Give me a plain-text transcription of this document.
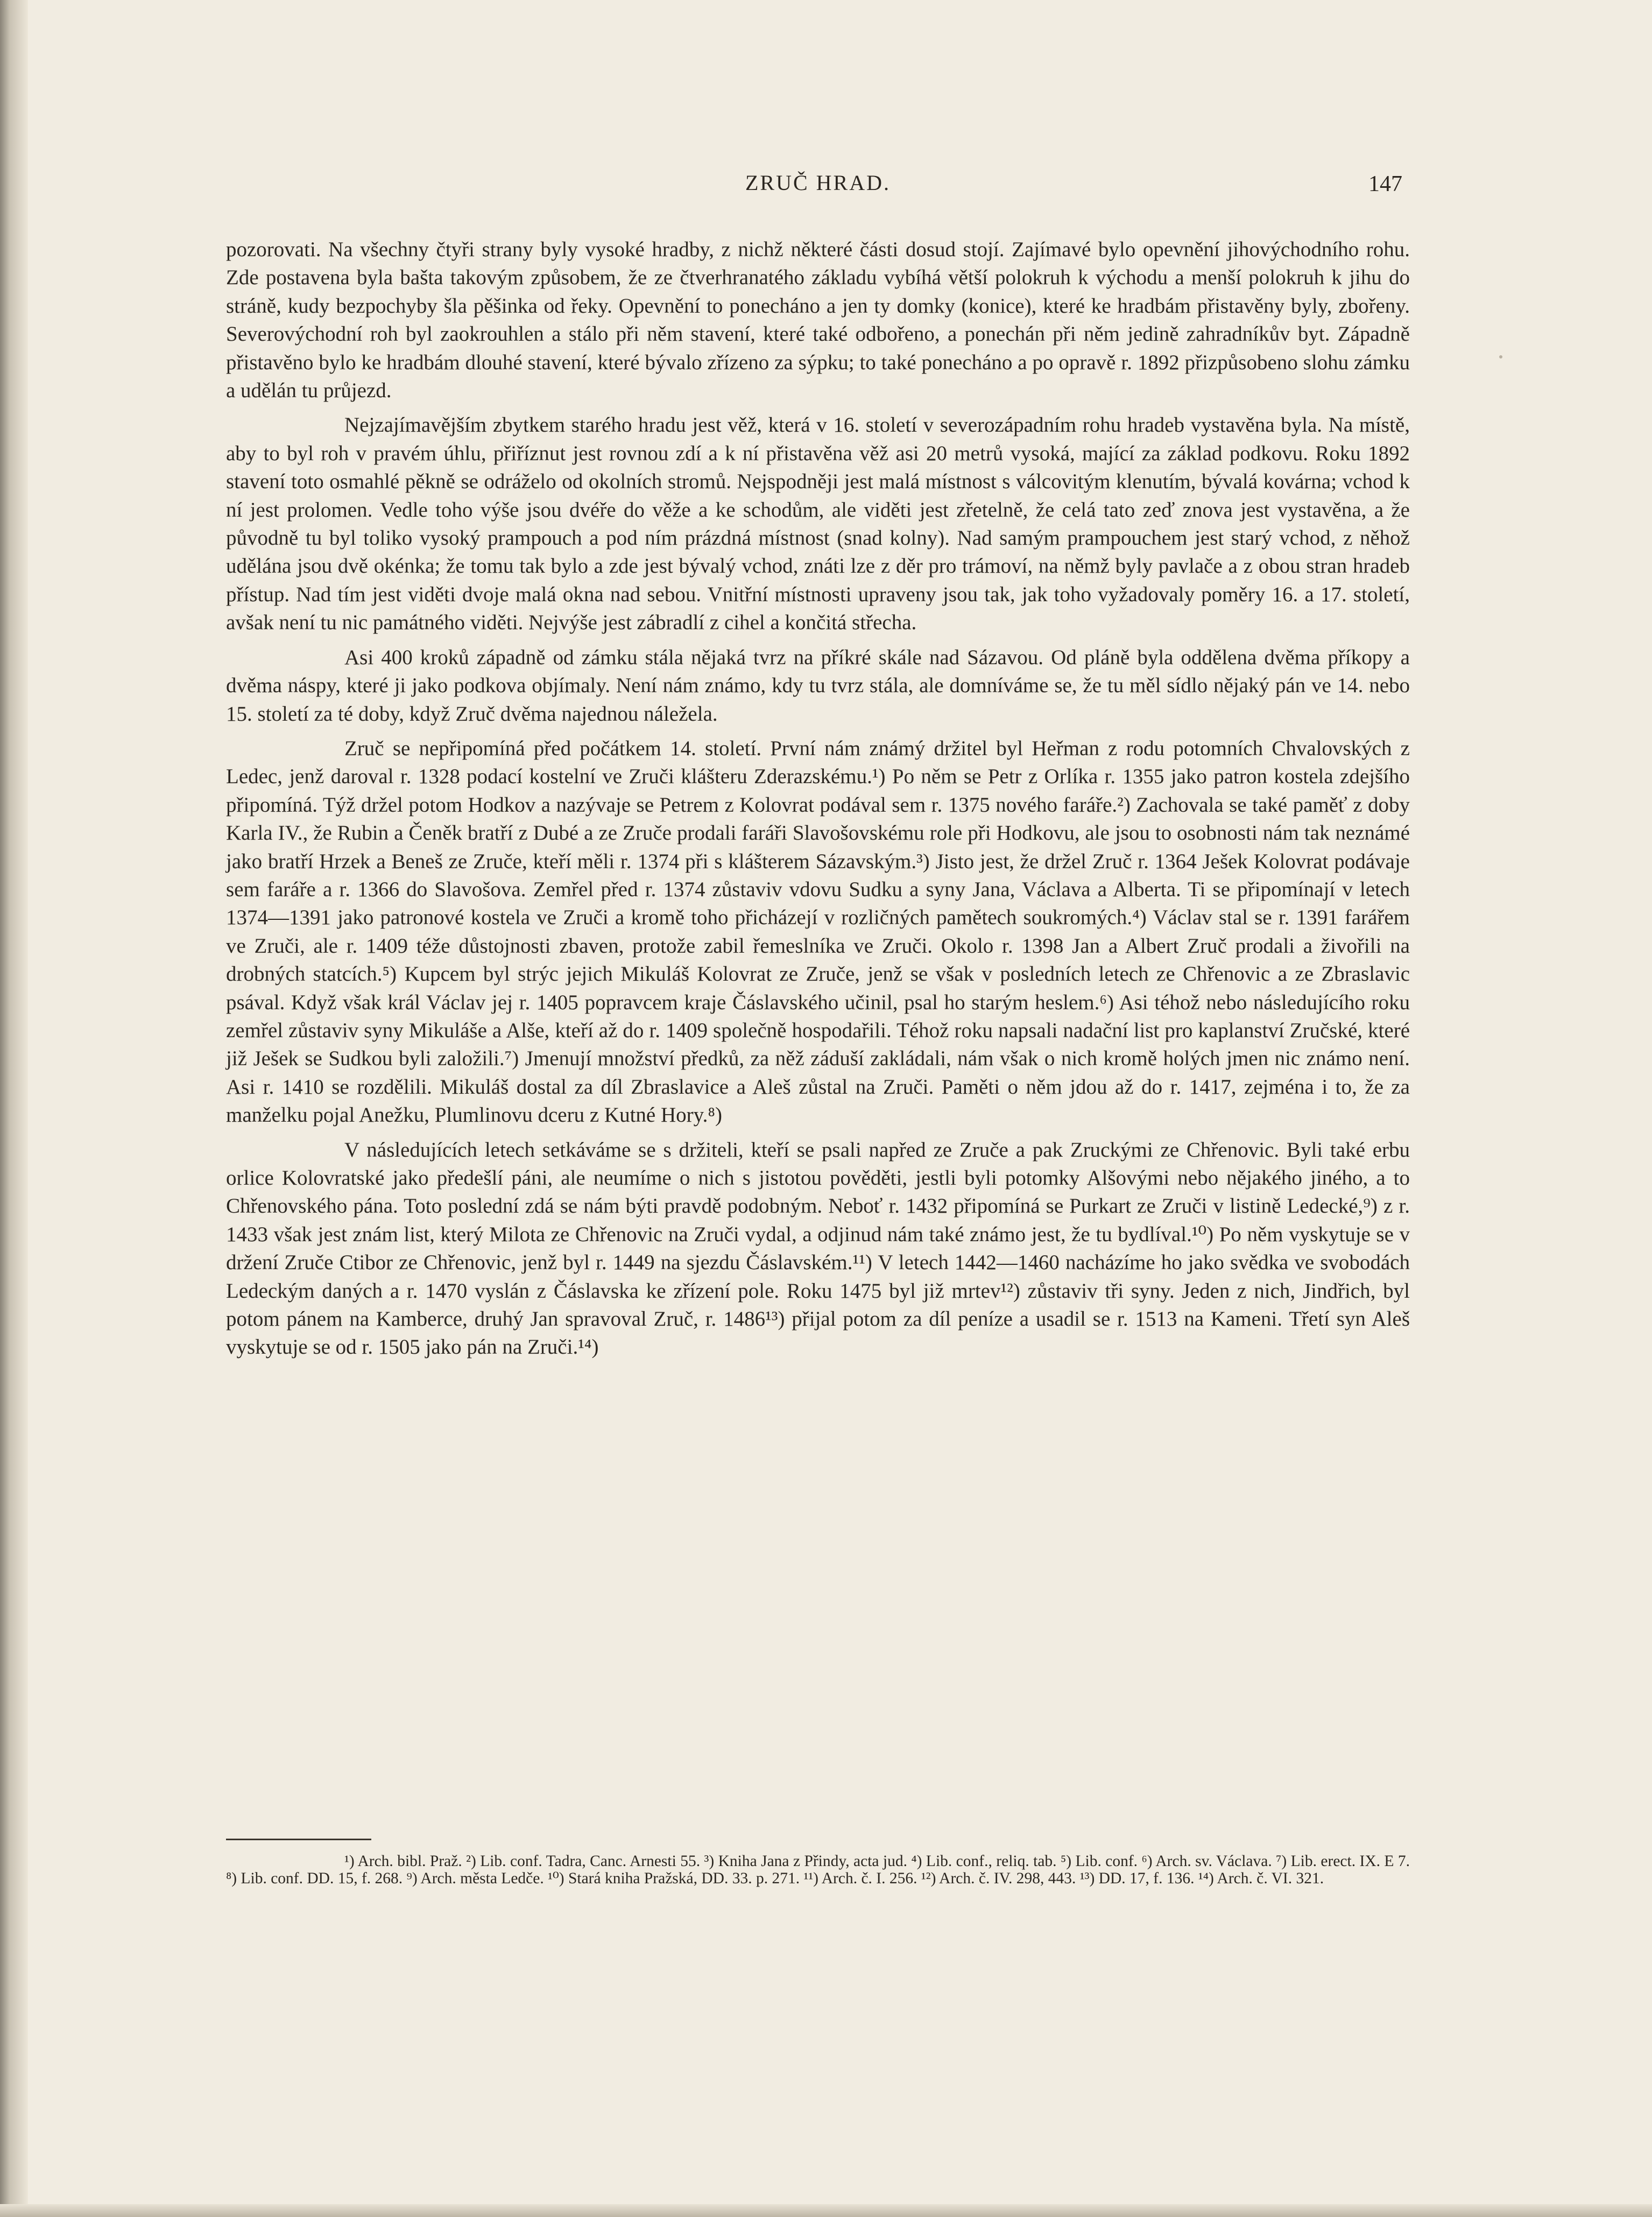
ZRUČ HRAD.	147

pozorovati. Na všechny čtyři strany byly vysoké hradby, z nichž některé části dosud stojí. Zajímavé bylo opevnění jihovýchodního rohu. Zde postavena byla bašta takovým způsobem, že ze čtverhranatého základu vybíhá větší polokruh k východu a menší polokruh k jihu do stráně, kudy bezpochyby šla pěšinka od řeky. Opevnění to ponecháno a jen ty domky (konice), které ke hradbám přistavěny byly, zbořeny. Severovýchodní roh byl zaokrouhlen a stálo při něm stavení, které také odbořeno, a ponechán při něm jedině zahradníkův byt. Západně přistavěno bylo ke hradbám dlouhé stavení, které bývalo zřízeno za sýpku; to také ponecháno a po opravě r. 1892 přizpůsobeno slohu zámku a udělán tu průjezd.

Nejzajímavějším zbytkem starého hradu jest věž, která v 16. století v severozápadním rohu hradeb vystavěna byla. Na místě, aby to byl roh v pravém úhlu, přiříznut jest rovnou zdí a k ní přistavěna věž asi 20 metrů vysoká, mající za základ podkovu. Roku 1892 stavení toto osmahlé pěkně se odráželo od okolních stromů. Nejspodněji jest malá místnost s válcovitým klenutím, bývalá kovárna; vchod k ní jest prolomen. Vedle toho výše jsou dvéře do věže a ke schodům, ale viděti jest zřetelně, že celá tato zeď znova jest vystavěna, a že původně tu byl toliko vysoký prampouch a pod ním prázdná místnost (snad kolny). Nad samým prampouchem jest starý vchod, z něhož udělána jsou dvě okénka; že tomu tak bylo a zde jest bývalý vchod, znáti lze z děr pro trámoví, na němž byly pavlače a z obou stran hradeb přístup. Nad tím jest viděti dvoje malá okna nad sebou. Vnitřní místnosti upraveny jsou tak, jak toho vyžadovaly poměry 16. a 17. století, avšak není tu nic památného viděti. Nejvýše jest zábradlí z cihel a končitá střecha.

Asi 400 kroků západně od zámku stála nějaká tvrz na příkré skále nad Sázavou. Od pláně byla oddělena dvěma příkopy a dvěma náspy, které ji jako podkova objímaly. Není nám známo, kdy tu tvrz stála, ale domníváme se, že tu měl sídlo nějaký pán ve 14. nebo 15. století za té doby, když Zruč dvěma najednou náležela.

Zruč se nepřipomíná před počátkem 14. století. První nám známý držitel byl Heřman z rodu potomních Chvalovských z Ledec, jenž daroval r. 1328 podací kostelní ve Zruči klášteru Zderazskému.¹) Po něm se Petr z Orlíka r. 1355 jako patron kostela zdejšího připomíná. Týž držel potom Hodkov a nazývaje se Petrem z Kolovrat podával sem r. 1375 nového faráře.²) Zachovala se také paměť z doby Karla IV., že Rubin a Čeněk bratří z Dubé a ze Zruče prodali faráři Slavošovskému role při Hodkovu, ale jsou to osobnosti nám tak neznámé jako bratří Hrzek a Beneš ze Zruče, kteří měli r. 1374 při s klášterem Sázavským.³) Jisto jest, že držel Zruč r. 1364 Ješek Kolovrat podávaje sem faráře a r. 1366 do Slavošova. Zemřel před r. 1374 zůstaviv vdovu Sudku a syny Jana, Václava a Alberta. Ti se připomínají v letech 1374—1391 jako patronové kostela ve Zruči a kromě toho přicházejí v rozličných pamětech soukromých.⁴) Václav stal se r. 1391 farářem ve Zruči, ale r. 1409 téže důstojnosti zbaven, protože zabil řemeslníka ve Zruči. Okolo r. 1398 Jan a Albert Zruč prodali a živořili na drobných statcích.⁵) Kupcem byl strýc jejich Mikuláš Kolovrat ze Zruče, jenž se však v posledních letech ze Chřenovic a ze Zbraslavic psával. Když však král Václav jej r. 1405 popravcem kraje Čáslavského učinil, psal ho starým heslem.⁶) Asi téhož nebo následujícího roku zemřel zůstaviv syny Mikuláše a Alše, kteří až do r. 1409 společně hospodařili. Téhož roku napsali nadační list pro kaplanství Zručské, které již Ješek se Sudkou byli založili.⁷) Jmenují množství předků, za něž záduší zakládali, nám však o nich kromě holých jmen nic známo není. Asi r. 1410 se rozdělili. Mikuláš dostal za díl Zbraslavice a Aleš zůstal na Zruči. Paměti o něm jdou až do r. 1417, zejména i to, že za manželku pojal Anežku, Plumlinovu dceru z Kutné Hory.⁸)

V následujících letech setkáváme se s držiteli, kteří se psali napřed ze Zruče a pak Zruckými ze Chřenovic. Byli také erbu orlice Kolovratské jako předešlí páni, ale neumíme o nich s jistotou pověděti, jestli byli potomky Alšovými nebo nějakého jiného, a to Chřenovského pána. Toto poslední zdá se nám býti pravdě podobným. Neboť r. 1432 připomíná se Purkart ze Zruči v listině Ledecké,⁹) z r. 1433 však jest znám list, který Milota ze Chřenovic na Zruči vydal, a odjinud nám také známo jest, že tu bydlíval.¹⁰) Po něm vyskytuje se v držení Zruče Ctibor ze Chřenovic, jenž byl r. 1449 na sjezdu Čáslavském.¹¹) V letech 1442—1460 nacházíme ho jako svědka ve svobodách Ledeckým daných a r. 1470 vyslán z Čáslavska ke zřízení pole. Roku 1475 byl již mrtev¹²) zůstaviv tři syny. Jeden z nich, Jindřich, byl potom pánem na Kamberce, druhý Jan spravoval Zruč, r. 1486¹³) přijal potom za díl peníze a usadil se r. 1513 na Kameni. Třetí syn Aleš vyskytuje se od r. 1505 jako pán na Zruči.¹⁴)

¹) Arch. bibl. Praž. ²) Lib. conf. Tadra, Canc. Arnesti 55. ³) Kniha Jana z Přindy, acta jud. ⁴) Lib. conf., reliq. tab. ⁵) Lib. conf. ⁶) Arch. sv. Václava. ⁷) Lib. erect. IX. E 7. ⁸) Lib. conf. DD. 15, f. 268. ⁹) Arch. města Ledče. ¹⁰) Stará kniha Pražská, DD. 33. p. 271. ¹¹) Arch. č. I. 256. ¹²) Arch. č. IV. 298, 443. ¹³) DD. 17, f. 136. ¹⁴) Arch. č. VI. 321.
